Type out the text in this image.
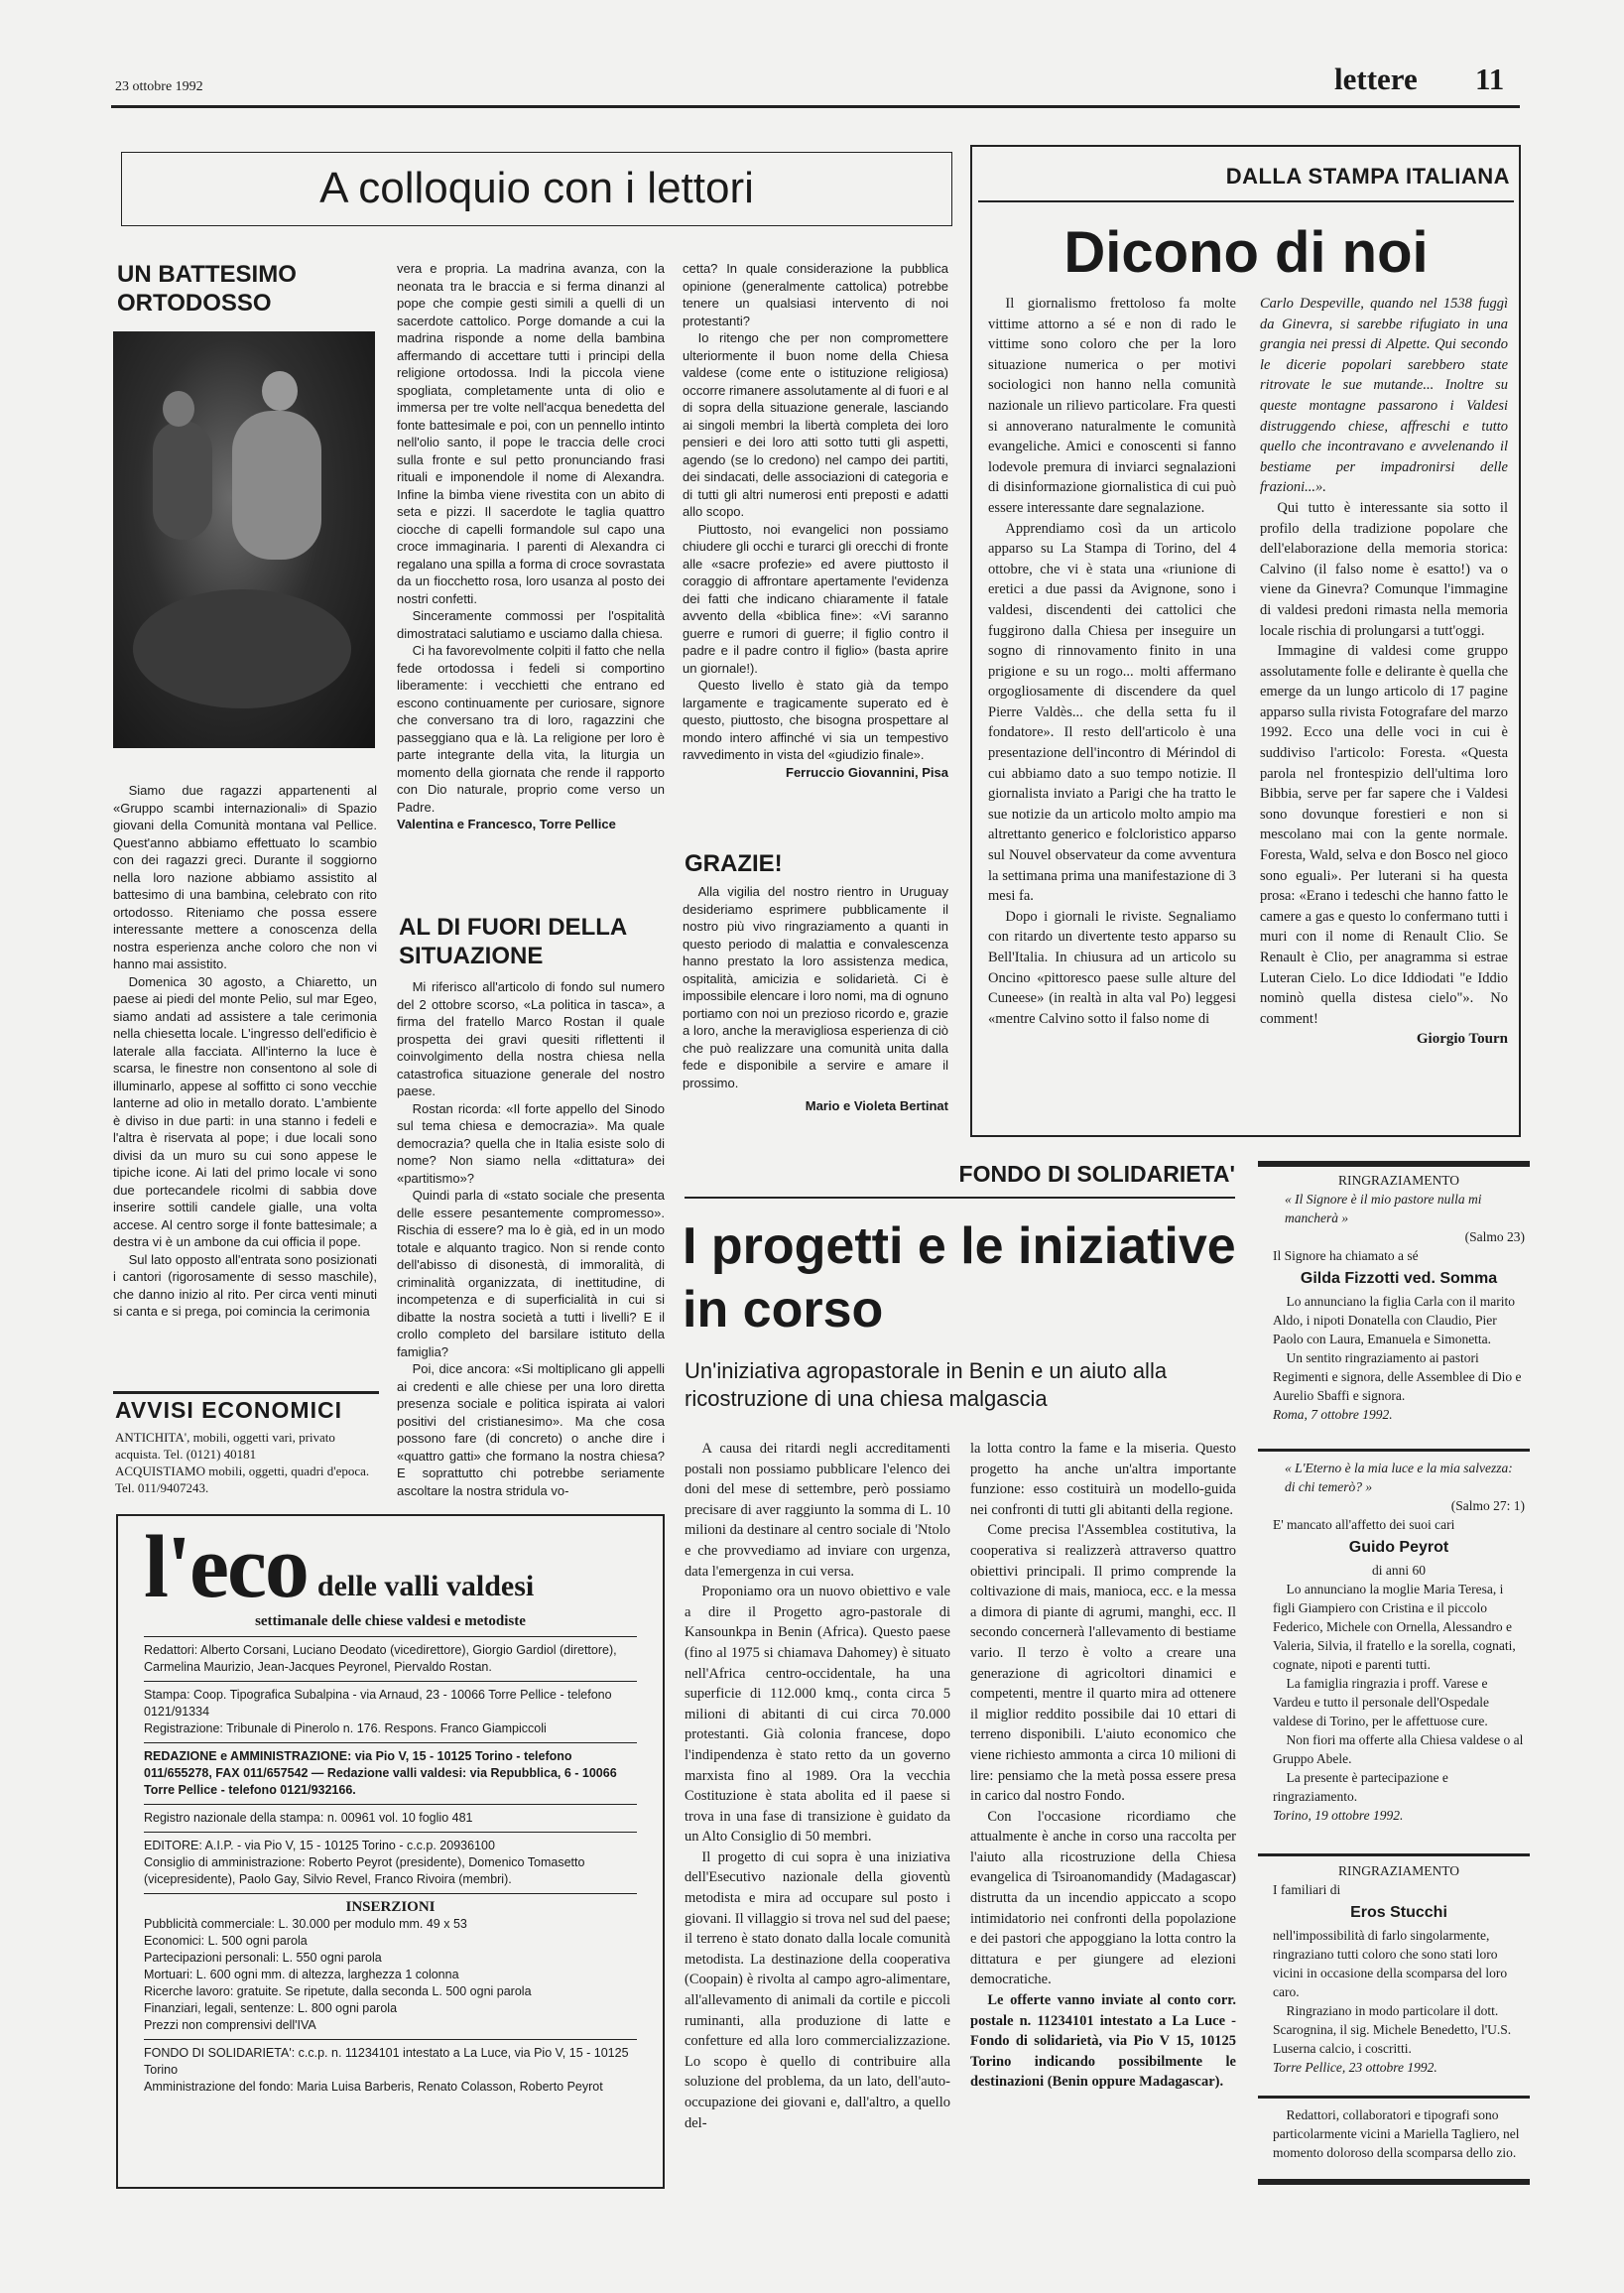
23 ottobre 1992	lettere 11
A colloquio con i lettori
UN BATTESIMO ORTODOSSO

Siamo due ragazzi appartenenti al «Gruppo scambi internazionali» di Spazio giovani della Comunità montana val Pellice. Quest'anno abbiamo effettuato lo scambio con dei ragazzi greci. Durante il soggiorno nella loro nazione abbiamo assistito al battesimo di una bambina, celebrato con rito ortodosso. Riteniamo che possa essere interessante mettere a conoscenza della nostra esperienza anche coloro che non vi hanno mai assistito.

Domenica 30 agosto, a Chiaretto, un paese ai piedi del monte Pelio, sul mar Egeo, siamo andati ad assistere a tale cerimonia nella chiesetta locale. L'ingresso dell'edificio è laterale alla facciata. All'interno la luce è scarsa, le finestre non consentono al sole di illuminarlo, appese al soffitto ci sono vecchie lanterne ad olio in metallo dorato. L'ambiente è diviso in due parti: in una stanno i fedeli e l'altra è riservata al pope; i due locali sono divisi da un muro su cui sono appese le tipiche icone. Ai lati del primo locale vi sono due portecandele ricolmi di sabbia dove inserire sottili candele gialle, una volta accese. Al centro sorge il fonte battesimale; a destra vi è un ambone da cui officia il pope.

Sul lato opposto all'entrata sono posizionati i cantori (rigorosamente di sesso maschile), che danno inizio al rito. Per circa venti minuti si canta e si prega, poi comincia la cerimonia

vera e propria. La madrina avanza, con la neonata tra le braccia e si ferma dinanzi al pope che compie gesti simili a quelli di un sacerdote cattolico. Porge domande a cui la madrina risponde a nome della bambina affermando di accettare tutti i principi della religione ortodossa. Indi la piccola viene spogliata, completamente unta di olio e immersa per tre volte nell'acqua benedetta del fonte battesimale e poi, con un pennello intinto nell'olio santo, il pope le traccia delle croci sulla fronte e sul petto pronunciando frasi rituali e imponendole il nome di Alexandra. Infine la bimba viene rivestita con un abito di seta e pizzi. Il sacerdote le taglia quattro ciocche di capelli formandole sul capo una croce immaginaria. I parenti di Alexandra ci regalano una spilla a forma di croce sovrastata da un fiocchetto rosa, loro usanza al posto dei nostri confetti.

Sinceramente commossi per l'ospitalità dimostrataci salutiamo e usciamo dalla chiesa.

Ci ha favorevolmente colpiti il fatto che nella fede ortodossa i fedeli si comportino liberamente: i vecchietti che entrano ed escono continuamente per curiosare, signore che conversano tra di loro, ragazzini che passeggiano qua e là. La religione per loro è parte integrante della vita, la liturgia un momento della giornata che rende il rapporto con Dio naturale, proprio come verso un Padre.

Valentina e Francesco, Torre Pellice
AL DI FUORI DELLA SITUAZIONE

Mi riferisco all'articolo di fondo sul numero del 2 ottobre scorso, «La politica in tasca», a firma del fratello Marco Rostan il quale prospetta dei gravi quesiti riflettenti il coinvolgimento della nostra chiesa nella catastrofica situazione generale del nostro paese.

Rostan ricorda: «Il forte appello del Sinodo sul tema chiesa e democrazia». Ma quale democrazia? quella che in Italia esiste solo di nome? Non siamo nella «dittatura» dei «partitismo»?

Quindi parla di «stato sociale che presenta delle essere pesantemente compromesso». Rischia di essere? ma lo è già, ed in un modo totale e alquanto tragico. Non si rende conto dell'abisso di disonestà, di immoralità, di criminalità organizzata, di inettitudine, di incompetenza e di superficialità in cui si dibatte la nostra società a tutti i livelli? E il crollo completo del barsilare istituto della famiglia?

Poi, dice ancora: «Si moltiplicano gli appelli ai credenti e alle chiese per una loro diretta presenza sociale e politica ispirata ai valori positivi del cristianesimo». Ma che cosa possono fare (di concreto) o anche dire i «quattro gatti» che formano la nostra chiesa? E soprattutto chi potrebbe seriamente ascoltare la nostra stridula vo-

cetta? In quale considerazione la pubblica opinione (generalmente cattolica) potrebbe tenere un qualsiasi intervento di noi protestanti?

Io ritengo che per non compromettere ulteriormente il buon nome della Chiesa valdese (come ente o istituzione religiosa) occorre rimanere assolutamente al di fuori e al di sopra della situazione generale, lasciando ai singoli membri la libertà completa dei loro pensieri e dei loro atti sotto tutti gli aspetti, agendo (se lo credono) nel campo dei partiti, dei sindacati, delle associazioni di categoria e di tutti gli altri numerosi enti preposti e adatti allo scopo.

Piuttosto, noi evangelici non possiamo chiudere gli occhi e turarci gli orecchi di fronte alle «sacre profezie» ed avere piuttosto il coraggio di affrontare apertamente l'evidenza dei fatti che indicano chiaramente il fatale avvento della «biblica fine»: «Vi saranno guerre e rumori di guerre; il figlio contro il padre e il padre contro il figlio» (basta aprire un giornale!).

Questo livello è stato già da tempo largamente e tragicamente superato ed è questo, piuttosto, che bisogna prospettare al mondo intero affinché vi sia un tempestivo ravvedimento in vista del «giudizio finale».

Ferruccio Giovannini, Pisa
GRAZIE!

Alla vigilia del nostro rientro in Uruguay desideriamo esprimere pubblicamente il nostro più vivo ringraziamento a quanti in questo periodo di malattia e convalescenza hanno prestato la loro assistenza medica, ospitalità, amicizia e solidarietà. Ci è impossibile elencare i loro nomi, ma di ognuno portiamo con noi un prezioso ricordo e, grazie a loro, anche la meravigliosa esperienza di ciò che può realizzare una comunità unita dalla fede e disponibile a servire e amare il prossimo.

Mario e Violeta Bertinat
AVVISI ECONOMICI
ANTICHITA', mobili, oggetti vari, privato acquista. Tel. (0121) 40181
ACQUISTIAMO mobili, oggetti, quadri d'epoca. Tel. 011/9407243.
l'eco delle valli valdesi
settimanale delle chiese valdesi e metodiste

Redattori: Alberto Corsani, Luciano Deodato (vicedirettore), Giorgio Gardiol (direttore), Carmelina Maurizio, Jean-Jacques Peyronel, Piervaldo Rostan.

Stampa: Coop. Tipografica Subalpina - via Arnaud, 23 - 10066 Torre Pellice - telefono 0121/91334

Registrazione: Tribunale di Pinerolo n. 176. Respons. Franco Giampiccoli

REDAZIONE e AMMINISTRAZIONE: via Pio V, 15 - 10125 Torino - telefono 011/655278, FAX 011/657542 — Redazione valli valdesi: via Repubblica, 6 - 10066 Torre Pellice - telefono 0121/932166.

Registro nazionale della stampa: n. 00961 vol. 10 foglio 481

EDITORE: A.I.P. - via Pio V, 15 - 10125 Torino - c.c.p. 20936100

Consiglio di amministrazione: Roberto Peyrot (presidente), Domenico Tomasetto (vicepresidente), Paolo Gay, Silvio Revel, Franco Rivoira (membri).

INSERZIONI

Pubblicità commerciale: L. 30.000 per modulo mm. 49 x 53

Economici: L. 500 ogni parola

Partecipazioni personali: L. 550 ogni parola

Mortuari: L. 600 ogni mm. di altezza, larghezza 1 colonna

Ricerche lavoro: gratuite. Se ripetute, dalla seconda L. 500 ogni parola

Finanziari, legali, sentenze: L. 800 ogni parola

Prezzi non comprensivi dell'IVA

FONDO DI SOLIDARIETA': c.c.p. n. 11234101 intestato a La Luce, via Pio V, 15 - 10125 Torino

Amministrazione del fondo: Maria Luisa Barberis, Renato Colasson, Roberto Peyrot

DALLA STAMPA ITALIANA
Dicono di noi

Il giornalismo frettoloso fa molte vittime attorno a sé e non di rado le vittime sono coloro che per la loro situazione numerica o per motivi sociologici non hanno nella comunità nazionale un rilievo particolare. Fra questi si annoverano naturalmente le comunità evangeliche. Amici e conoscenti si fanno lodevole premura di inviarci segnalazioni di disinformazione giornalistica di cui può essere interessante dare segnalazione.

Apprendiamo così da un articolo apparso su La Stampa di Torino, del 4 ottobre, che vi è stata una «riunione di eretici a due passi da Avignone, sono i valdesi, discendenti dei cattolici che fuggirono dalla Chiesa per inseguire un sogno di rinnovamento finito in una prigione e su un rogo... molti affermano orgogliosamente di discendere da quel Pierre Valdès... che della setta fu il fondatore». Il resto dell'articolo è una presentazione dell'incontro di Mérindol di cui abbiamo dato a suo tempo notizie. Il giornalista inviato a Parigi che ha tratto le sue notizie da un articolo molto ampio ma altrettanto generico e folcloristico apparso sul Nouvel observateur da come avventura la settimana prima una manifestazione di 3 mesi fa.

Dopo i giornali le riviste. Segnaliamo con ritardo un divertente testo apparso su Bell'Italia. In chiusura ad un articolo su Oncino «pittoresco paese sulle alture del Cuneese» (in realtà in alta val Po) leggesi «mentre Calvino sotto il falso nome di

Carlo Despeville, quando nel 1538 fuggì da Ginevra, si sarebbe rifugiato in una grangia nei pressi di Alpette. Qui secondo le dicerie popolari sarebbero state ritrovate le sue mutande... Inoltre su queste montagne passarono i Valdesi distruggendo chiese, affreschi e tutto quello che incontravano e avvelenando il bestiame per impadronirsi delle frazioni...».

Qui tutto è interessante sia sotto il profilo della tradizione popolare che dell'elaborazione della memoria storica: Calvino (il falso nome è esatto!) va o viene da Ginevra? Comunque l'immagine di valdesi predoni rimasta nella memoria locale rischia di prolungarsi a tutt'oggi.

Immagine di valdesi come gruppo assolutamente folle e delirante è quella che emerge da un lungo articolo di 17 pagine apparso sulla rivista Fotografare del marzo 1992. Ecco una delle voci in cui è suddiviso l'articolo: Foresta. «Questa parola nel frontespizio dell'ultima loro Bibbia, serve per far sapere che i Valdesi sono dovunque forestieri e non si mescolano mai con la gente normale. Foresta, Wald, selva e don Bosco nel gioco sono eguali». Per luterani si ha questa prosa: «Erano i tedeschi che hanno fatto le camere a gas e questo lo confermano tutti i muri con il nome di Renault Clio. Se Renault è Clio, per anagramma si estrae Luteran Cielo. Lo dice Iddiodati "e Iddio nominò quella distesa cielo"». No comment!

Giorgio Tourn
FONDO DI SOLIDARIETA'
I progetti e le iniziative in corso
Un'iniziativa agropastorale in Benin e un aiuto alla ricostruzione di una chiesa malgascia

A causa dei ritardi negli accreditamenti postali non possiamo pubblicare l'elenco dei doni del mese di settembre, però possiamo precisare di aver raggiunto la somma di L. 10 milioni da destinare al centro sociale di 'Ntolo e che provvediamo ad inviare con urgenza, data l'emergenza in cui versa.

Proponiamo ora un nuovo obiettivo e vale a dire il Progetto agro-pastorale di Kansounkpa in Benin (Africa). Questo paese (fino al 1975 si chiamava Dahomey) è situato nell'Africa centro-occidentale, ha una superficie di 112.000 kmq., conta circa 5 milioni di abitanti di cui circa 70.000 protestanti. Già colonia francese, dopo l'indipendenza è stato retto da un governo marxista fino al 1989. Ora la vecchia Costituzione è stata abolita ed il paese si trova in una fase di transizione è guidato da un Alto Consiglio di 50 membri.

Il progetto di cui sopra è una iniziativa dell'Esecutivo nazionale della gioventù metodista e mira ad occupare sul posto i giovani. Il villaggio si trova nel sud del paese; il terreno è stato donato dalla locale comunità metodista. La destinazione della cooperativa (Coopain) è rivolta al campo agro-alimentare, all'allevamento di animali da cortile e piccoli ruminanti, alla produzione di latte e confetture ed alla loro commercializzazione. Lo scopo è quello di contribuire alla soluzione del problema, da un lato, dell'auto-occupazione dei giovani e, dall'altro, a quello del-

la lotta contro la fame e la miseria. Questo progetto ha anche un'altra importante funzione: esso costituirà un modello-guida nei confronti di tutti gli abitanti della regione.

Come precisa l'Assemblea costitutiva, la cooperativa si realizzerà attraverso quattro obiettivi principali. Il primo comprende la coltivazione di mais, manioca, ecc. e la messa a dimora di piante di agrumi, manghi, ecc. Il secondo concernerà l'allevamento di bestiame vario. Il terzo è volto a creare una generazione di agricoltori dinamici e competenti, mentre il quarto mira ad ottenere il miglior reddito possibile dai 10 ettari di terreno disponibili. L'aiuto economico che viene richiesto ammonta a circa 10 milioni di lire: pensiamo che la metà possa essere presa in carico dal nostro Fondo.

Con l'occasione ricordiamo che attualmente è anche in corso una raccolta per l'aiuto alla ricostruzione della Chiesa evangelica di Tsiroanomandidy (Madagascar) distrutta da un incendio appiccato a scopo intimidatorio nei confronti della popolazione e dei pastori che appoggiano la lotta contro la dittatura e per giungere ad elezioni democratiche.

Le offerte vanno inviate al conto corr. postale n. 11234101 intestato a La Luce - Fondo di solidarietà, via Pio V 15, 10125 Torino indicando possibilmente le destinazioni (Benin oppure Madagascar).

RINGRAZIAMENTO

« Il Signore è il mio pastore nulla mi mancherà »

(Salmo 23)

Il Signore ha chiamato a sé

Gilda Fizzotti ved. Somma

Lo annunciano la figlia Carla con il marito Aldo, i nipoti Donatella con Claudio, Pier Paolo con Laura, Emanuela e Simonetta.

Un sentito ringraziamento ai pastori Regimenti e signora, delle Assemblee di Dio e Aurelio Sbaffi e signora.

Roma, 7 ottobre 1992.

« L'Eterno è la mia luce e la mia salvezza: di chi temerò? »

(Salmo 27: 1)

E' mancato all'affetto dei suoi cari

Guido Peyrot

di anni 60

Lo annunciano la moglie Maria Teresa, i figli Giampiero con Cristina e il piccolo Federico, Michele con Ornella, Alessandro e Valeria, Silvia, il fratello e la sorella, cognati, cognate, nipoti e parenti tutti.

La famiglia ringrazia i proff. Varese e Vardeu e tutto il personale dell'Ospedale valdese di Torino, per le affettuose cure.

Non fiori ma offerte alla Chiesa valdese o al Gruppo Abele.

La presente è partecipazione e ringraziamento.

Torino, 19 ottobre 1992.

RINGRAZIAMENTO

I familiari di

Eros Stucchi

nell'impossibilità di farlo singolarmente, ringraziano tutti coloro che sono stati loro vicini in occasione della scomparsa del loro caro.

Ringraziano in modo particolare il dott. Scarognina, il sig. Michele Benedetto, l'U.S. Luserna calcio, i coscritti.

Torre Pellice, 23 ottobre 1992.

Redattori, collaboratori e tipografi sono particolarmente vicini a Mariella Tagliero, nel momento doloroso della scomparsa dello zio.
